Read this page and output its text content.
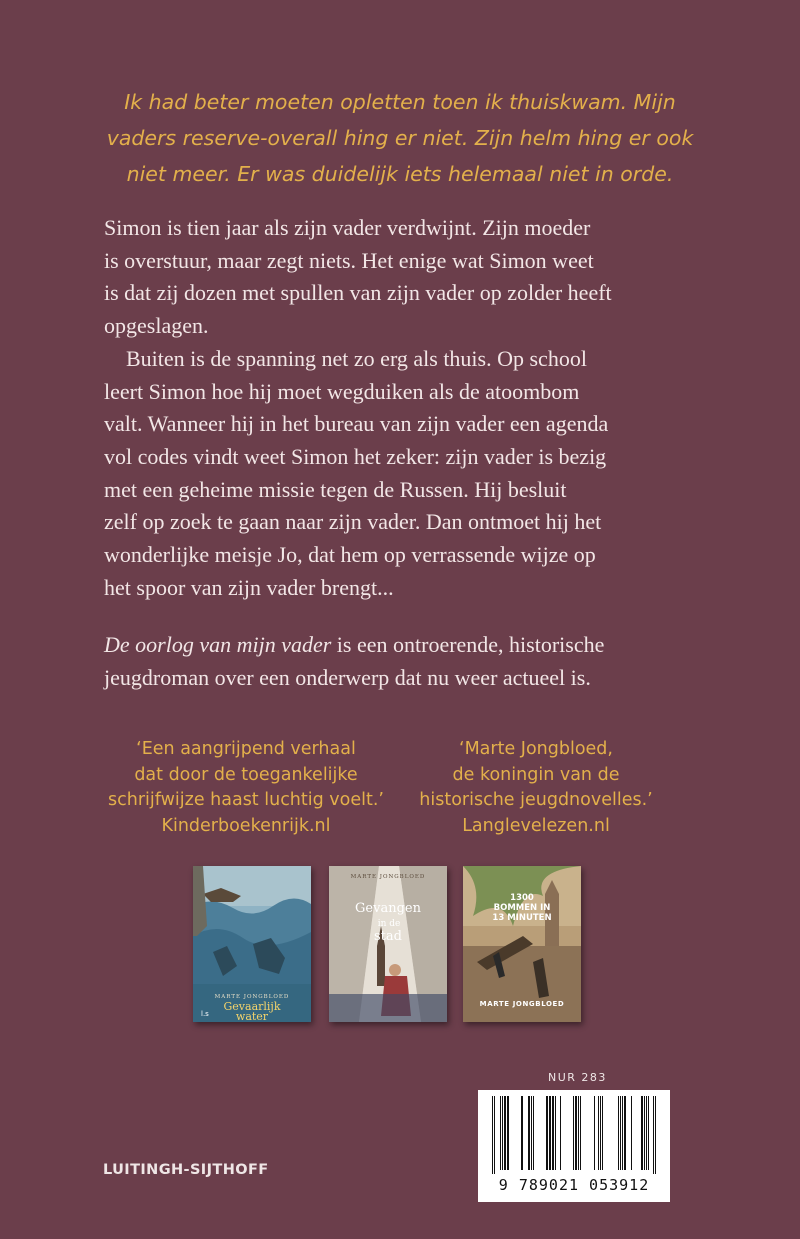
Ik had beter moeten opletten toen ik thuiskwam. Mijn
vaders reserve-overall hing er niet. Zijn helm hing er ook
niet meer. Er was duidelijk iets helemaal niet in orde.
Simon is tien jaar als zijn vader verdwijnt. Zijn moeder
is overstuur, maar zegt niets. Het enige wat Simon weet
is dat zij dozen met spullen van zijn vader op zolder heeft
opgeslagen.
Buiten is de spanning net zo erg als thuis. Op school
leert Simon hoe hij moet wegduiken als de atoombom
valt. Wanneer hij in het bureau van zijn vader een agenda
vol codes vindt weet Simon het zeker: zijn vader is bezig
met een geheime missie tegen de Russen. Hij besluit
zelf op zoek te gaan naar zijn vader. Dan ontmoet hij het
wonderlijke meisje Jo, dat hem op verrassende wijze op
het spoor van zijn vader brengt...
De oorlog van mijn vader is een ontroerende, historische
jeugdroman over een onderwerp dat nu weer actueel is.
‘Een aangrijpend verhaal
dat door de toegankelijke
schrijfwijze haast luchtig voelt.’
Kinderboekenrijk.nl
‘Marte Jongbloed,
de koningin van de
historische jeugdnovelles.’
Langlevelezen.nl
MARTE JONGBLOED
Gevaarlijk
water
l.s
MARTE JONGBLOED
Gevangen
in de
stad
1300
BOMMEN IN
13 MINUTEN
MARTE JONGBLOED
NUR 283
9 789021 053912
LUITINGH-SIJTHOFF
